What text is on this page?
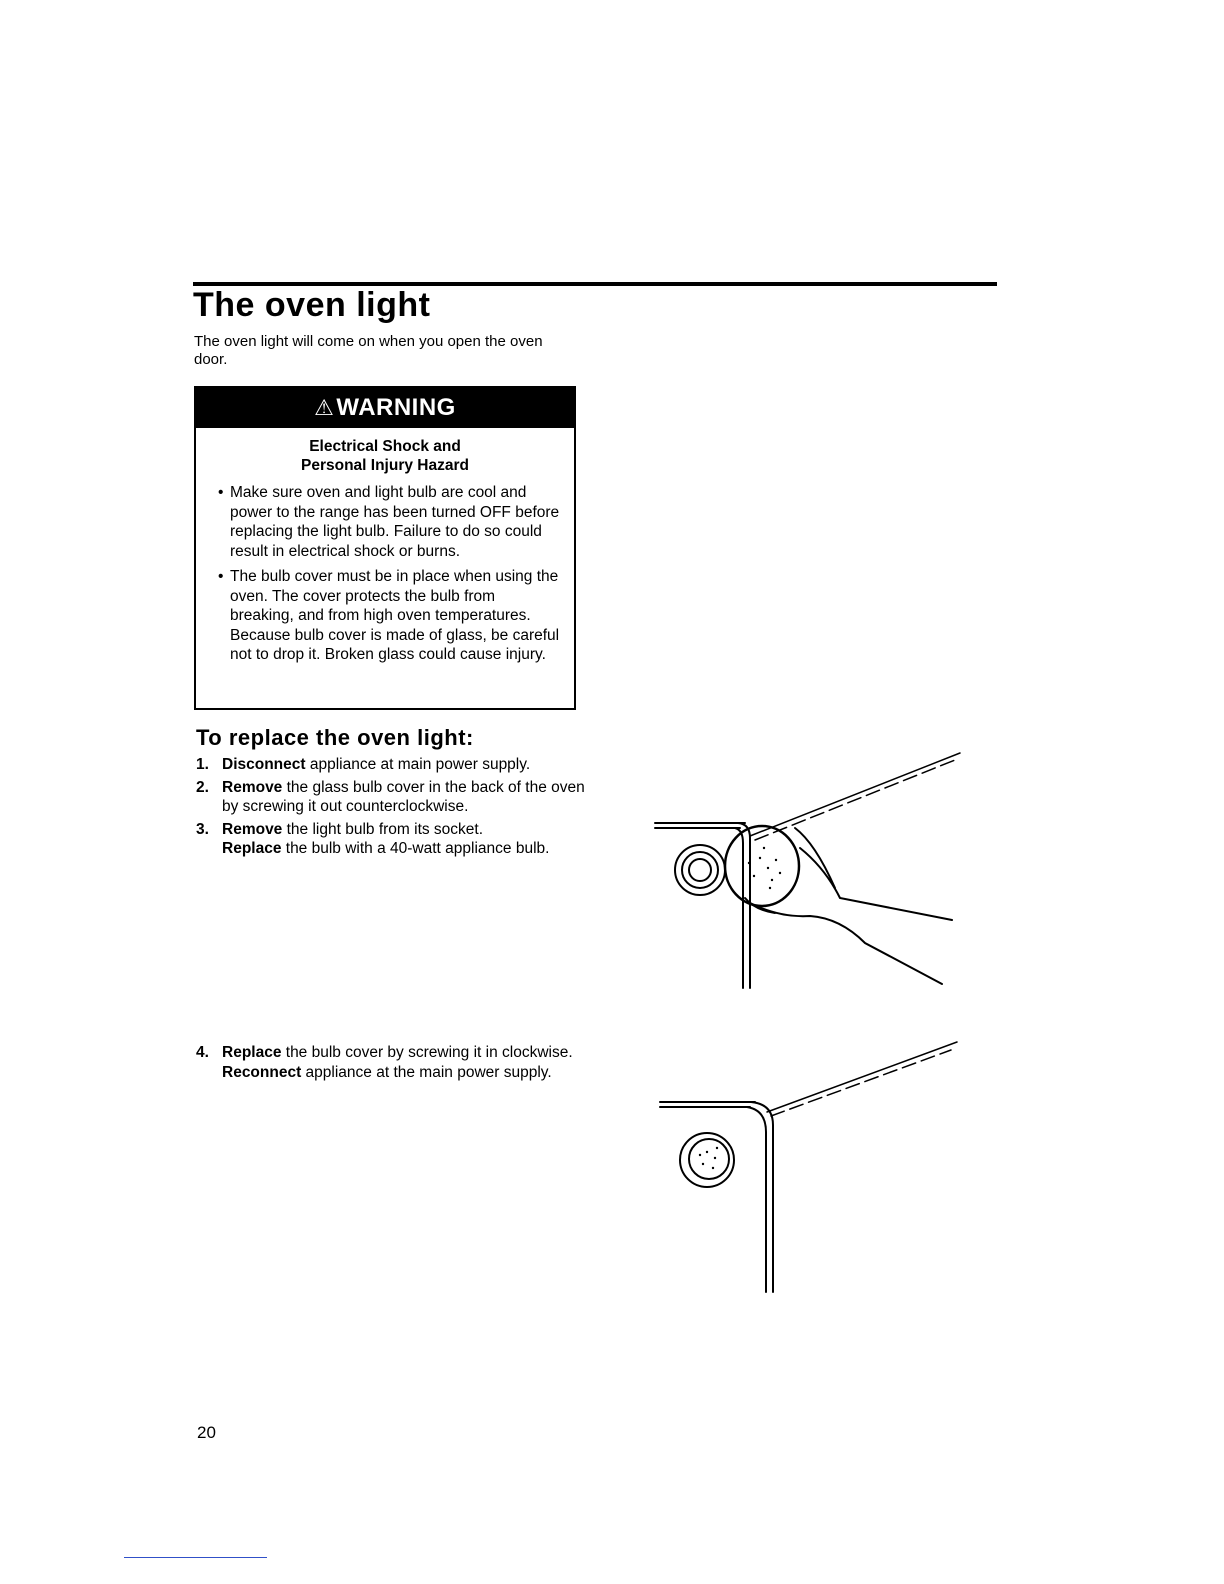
The oven light

The oven light will come on when you open the oven door.

⚠ WARNING
Electrical Shock and
Personal Injury Hazard
• Make sure oven and light bulb are cool and power to the range has been turned OFF before replacing the light bulb. Failure to do so could result in electrical shock or burns.
• The bulb cover must be in place when using the oven. The cover protects the bulb from breaking, and from high oven temperatures. Because bulb cover is made of glass, be careful not to drop it. Broken glass could cause injury.
To replace the oven light:
1. Disconnect appliance at main power supply.
2. Remove the glass bulb cover in the back of the oven by screwing it out counterclockwise.
3. Remove the light bulb from its socket.
Replace the bulb with a 40-watt appliance bulb.
4. Replace the bulb cover by screwing it in clockwise. Reconnect appliance at the main power supply.
20
